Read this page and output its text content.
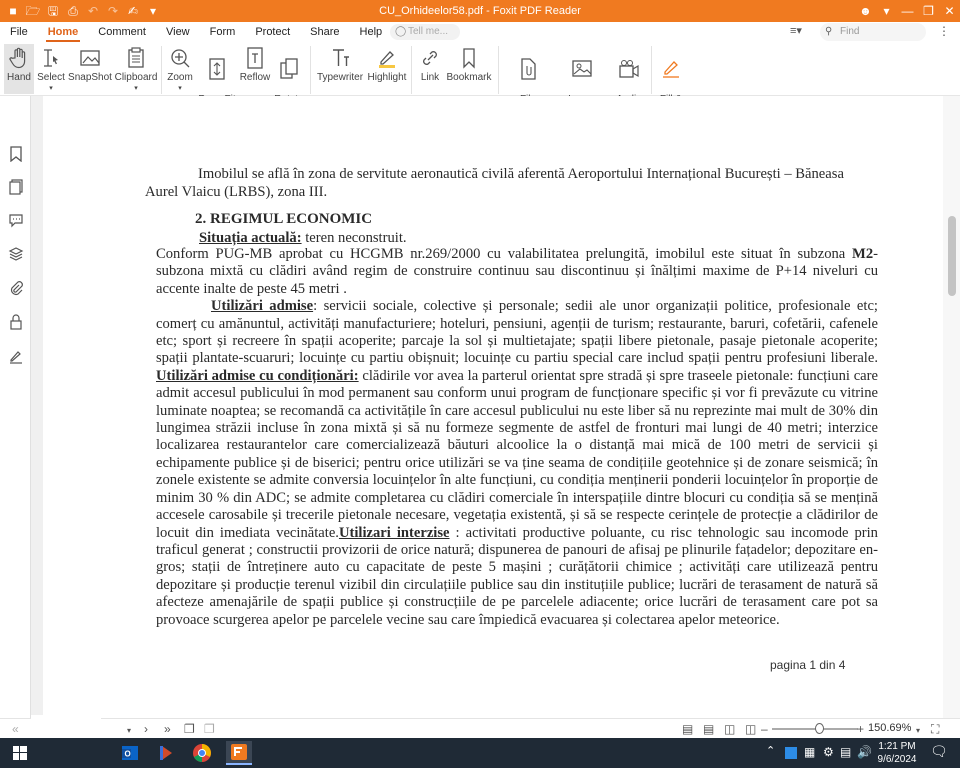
■ 🗁 🖫 ⎙ ↶ ↷ ✍ ▾	CU_Orhideelor58.pdf - Foxit PDF Reader	☻ ▾ — ❐ ✕
File	Home	Comment	View	Form	Protect	Share	Help	◯ Tell me...	≡▾ ⚲ Find	⋮
Hand Select
▾
SnapShot Clipboard
▾
Zoom
▾

Reflow	Typewriter Highlight	Link Bookmark

Imobilul se află în zona de servitute aeronautică civilă aferentă Aeroportului Internațional București – Băneasa
Aurel Vlaicu (LRBS), zona III.
2. REGIMUL ECONOMIC
Situația actuală: teren neconstruit.

Conform PUG-MB aprobat cu HCGMB nr.269/2000 cu valabilitatea prelungită, imobilul este situat în subzona M2-subzona mixtă cu clădiri având regim de construire continuu sau discontinuu și înălțimi maxime de P+14 niveluri cu accente inalte de peste 45 metri .

Utilizări admise: servicii sociale, colective și personale; sedii ale unor organizații politice, profesionale etc; comerț cu amănuntul, activități manufacturiere; hoteluri, pensiuni, agenții de turism; restaurante, baruri, cofetării, cafenele etc; sport și recreere în spații acoperite; parcaje la sol și multietajate; spații libere pietonale, pasaje pietonale acoperite; spații plantate-scuaruri; locuințe cu partiu obișnuit; locuințe cu partiu special care includ spații pentru profesiuni liberale. Utilizări admise cu condiționări: clădirile vor avea la parterul orientat spre stradă și spre traseele pietonale: funcțiuni care admit accesul publicului în mod permanent sau conform unui program de funcționare specific și vor fi prevăzute cu vitrine luminate noaptea; se recomandă ca activitățile în care accesul publicului nu este liber să nu reprezinte mai mult de 30% din lungimea străzii incluse în zona mixtă și să nu formeze segmente de astfel de fronturi mai lungi de 40 metri; interzice localizarea restaurantelor care comercializează băuturi alcoolice la o distanță mai mică de 100 metri de servicii și echipamente publice și de biserici; pentru orice utilizări se va ține seama de condițiile geotehnice și de zonare seismică; în zonele existente se admite conversia locuințelor în alte funcțiuni, cu condiția menținerii ponderii locuințelor în proporție de minim 30 % din ADC; se admite completarea cu clădiri comerciale în interspațiile dintre blocuri cu condiția să se mențină accesele carosabile și trecerile pietonale necesare, vegetația existentă, și să se respecte cerințele de protecție a clădirilor de locuit din imediata vecinătate.Utilizari interzise : activitati productive poluante, cu risc tehnologic sau incomode prin traficul generat ; constructii provizorii de orice natură; dispunerea de panouri de afisaj pe plinurile fațadelor; depozitare en-gros; stații de întreținere auto cu capacitate de peste 5 mașini ; curățătorii chimice ; activități care utilizează pentru depozitare și producție terenul vizibil din circulațiile publice sau din instituțiile publice; lucrări de terasament de natură să afecteze amenajările de spații publice și construcțiile de pe parcelele adiacente; orice lucrări de terasament care pot sa provoace scurgerea apelor pe parcelele vecine sau care împiedică evacuarea și colectarea apelor meteorice.

pagina 1 din 4
«	▾ › » ❐ ❐	▤ ▤ ◫ ◫ –	+ 150.69% ▾ ⛶
O	⌃ ▦ ⚙ ▤ 🔊 1:21 PM
9/6/2024
🗨
